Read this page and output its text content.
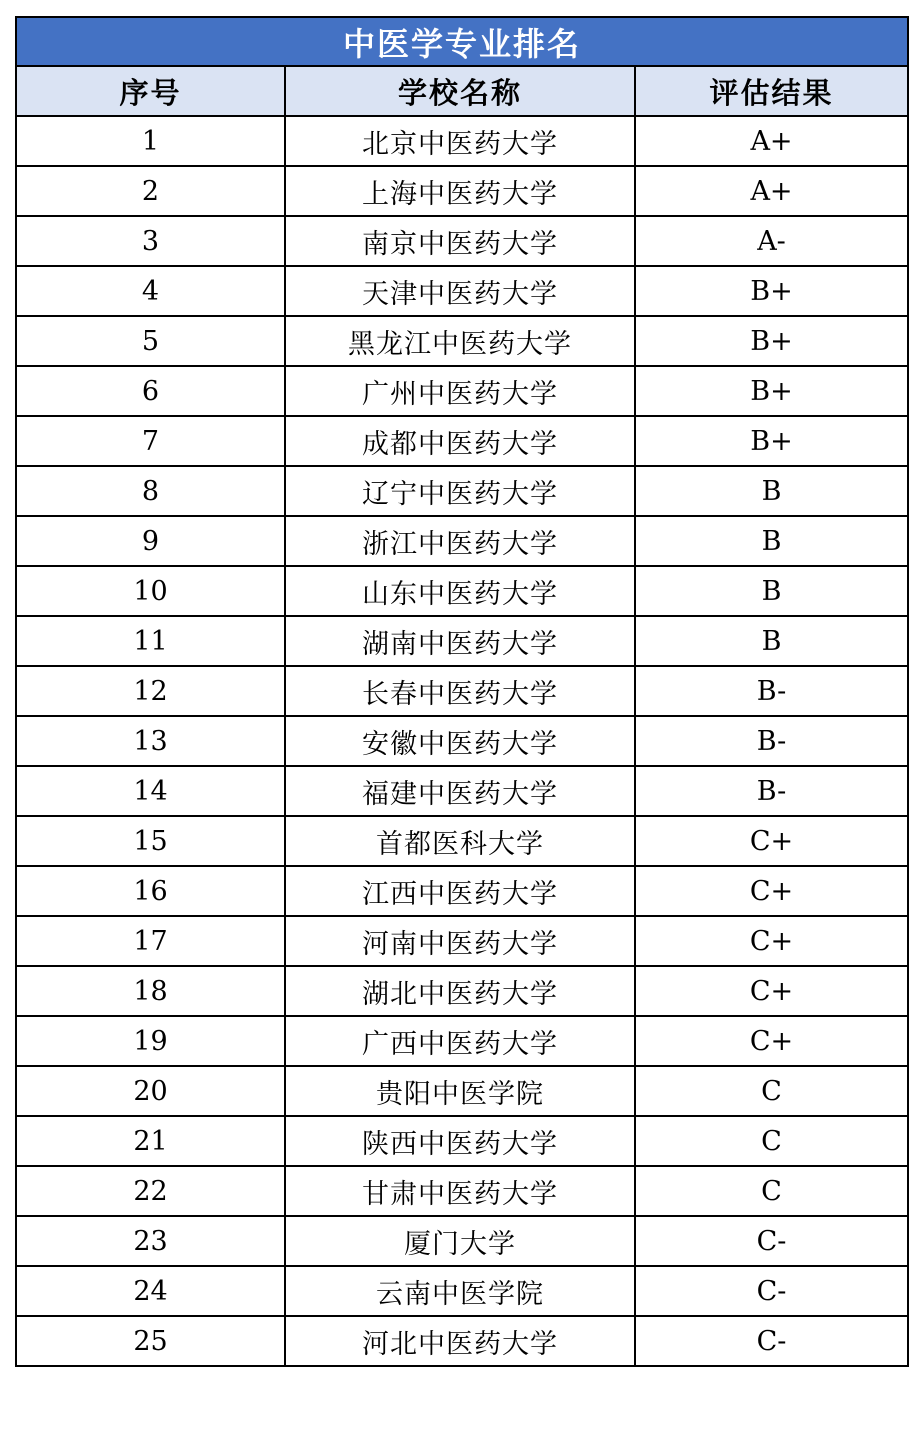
中医学专业排名		
序号	学校名称	评估结果
1	北京中医药大学	A+
2	上海中医药大学	A+
3	南京中医药大学	A-
4	天津中医药大学	B+
5	黑龙江中医药大学	B+
6	广州中医药大学	B+
7	成都中医药大学	B+
8	辽宁中医药大学	B
9	浙江中医药大学	B
10	山东中医药大学	B
11	湖南中医药大学	B
12	长春中医药大学	B-
13	安徽中医药大学	B-
14	福建中医药大学	B-
15	首都医科大学	C+
16	江西中医药大学	C+
17	河南中医药大学	C+
18	湖北中医药大学	C+
19	广西中医药大学	C+
20	贵阳中医学院	C
21	陕西中医药大学	C
22	甘肃中医药大学	C
23	厦门大学	C-
24	云南中医学院	C-
25	河北中医药大学	C-
